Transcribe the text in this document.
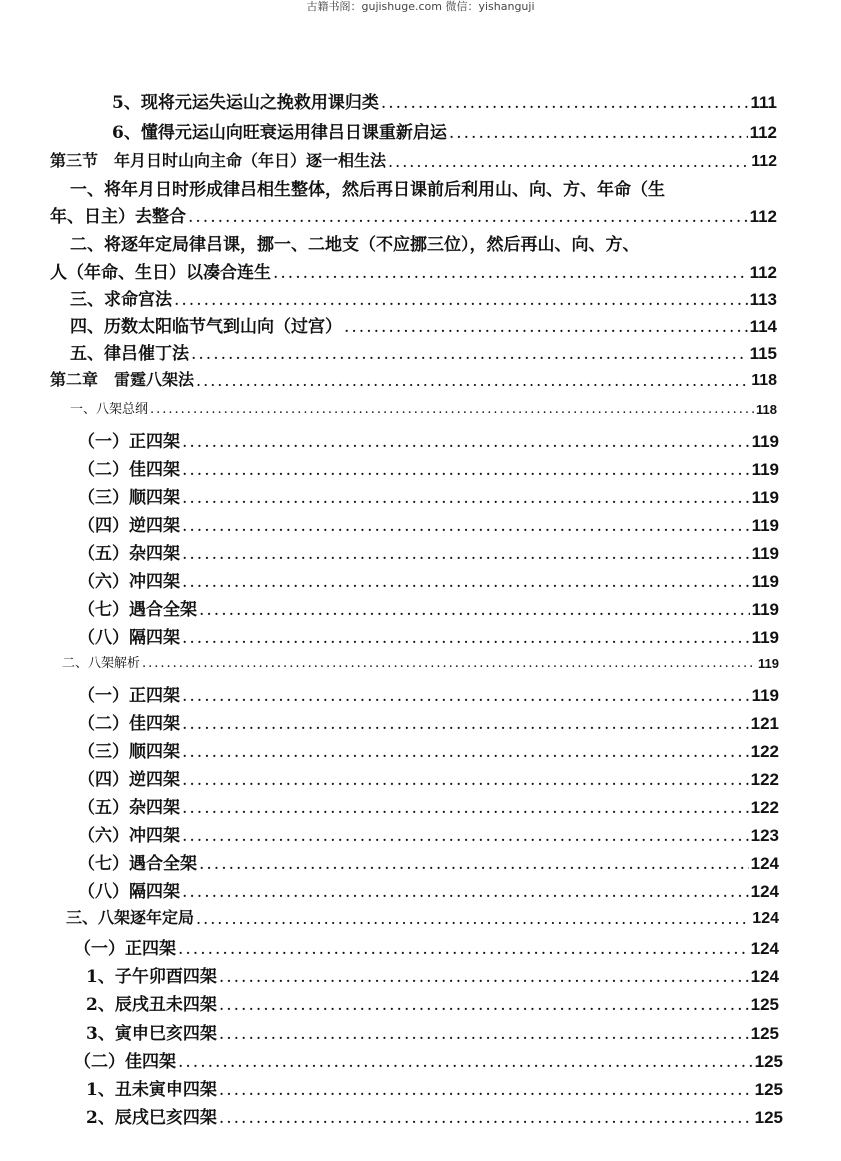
古籍书阁：gujishuge.com 微信：yishanguji
5、现将元运失运山之挽救用课归类 .....	111
6、懂得元运山向旺衰运用律吕日课重新启运 .....	112
第三节　年月日时山向主命（年日）逐一相生法 .....	112
一、将年月日时形成律吕相生整体，然后再日课前后利用山、向、方、年命（生
年、日主）去整合 .....	112
二、将逐年定局律吕课，挪一、二地支（不应挪三位），然后再山、向、方、
人（年命、生日）以凑合连生 .....	112
三、求命宫法 .....	113
四、历数太阳临节气到山向（过宫） .....	114
五、律吕催丁法 .....	115
第二章　雷霆八架法 .....	118
一、八架总纲 .....	118
（一）正四架 .....	119
（二）佳四架 .....	119
（三）顺四架 .....	119
（四）逆四架 .....	119
（五）杂四架 .....	119
（六）冲四架 .....	119
（七）遇合全架 .....	119
（八）隔四架 .....	119
二、八架解析 .....	119
（一）正四架 .....	119
（二）佳四架 .....	121
（三）顺四架 .....	122
（四）逆四架 .....	122
（五）杂四架 .....	122
（六）冲四架 .....	123
（七）遇合全架 .....	124
（八）隔四架 .....	124
三、八架逐年定局 .....	124
（一）正四架 .....	124
1、子午卯酉四架 .....	124
2、辰戌丑未四架 .....	125
3、寅申巳亥四架 .....	125
（二）佳四架 .....	125
1、丑未寅申四架 .....	125
2、辰戌巳亥四架 .....	125
